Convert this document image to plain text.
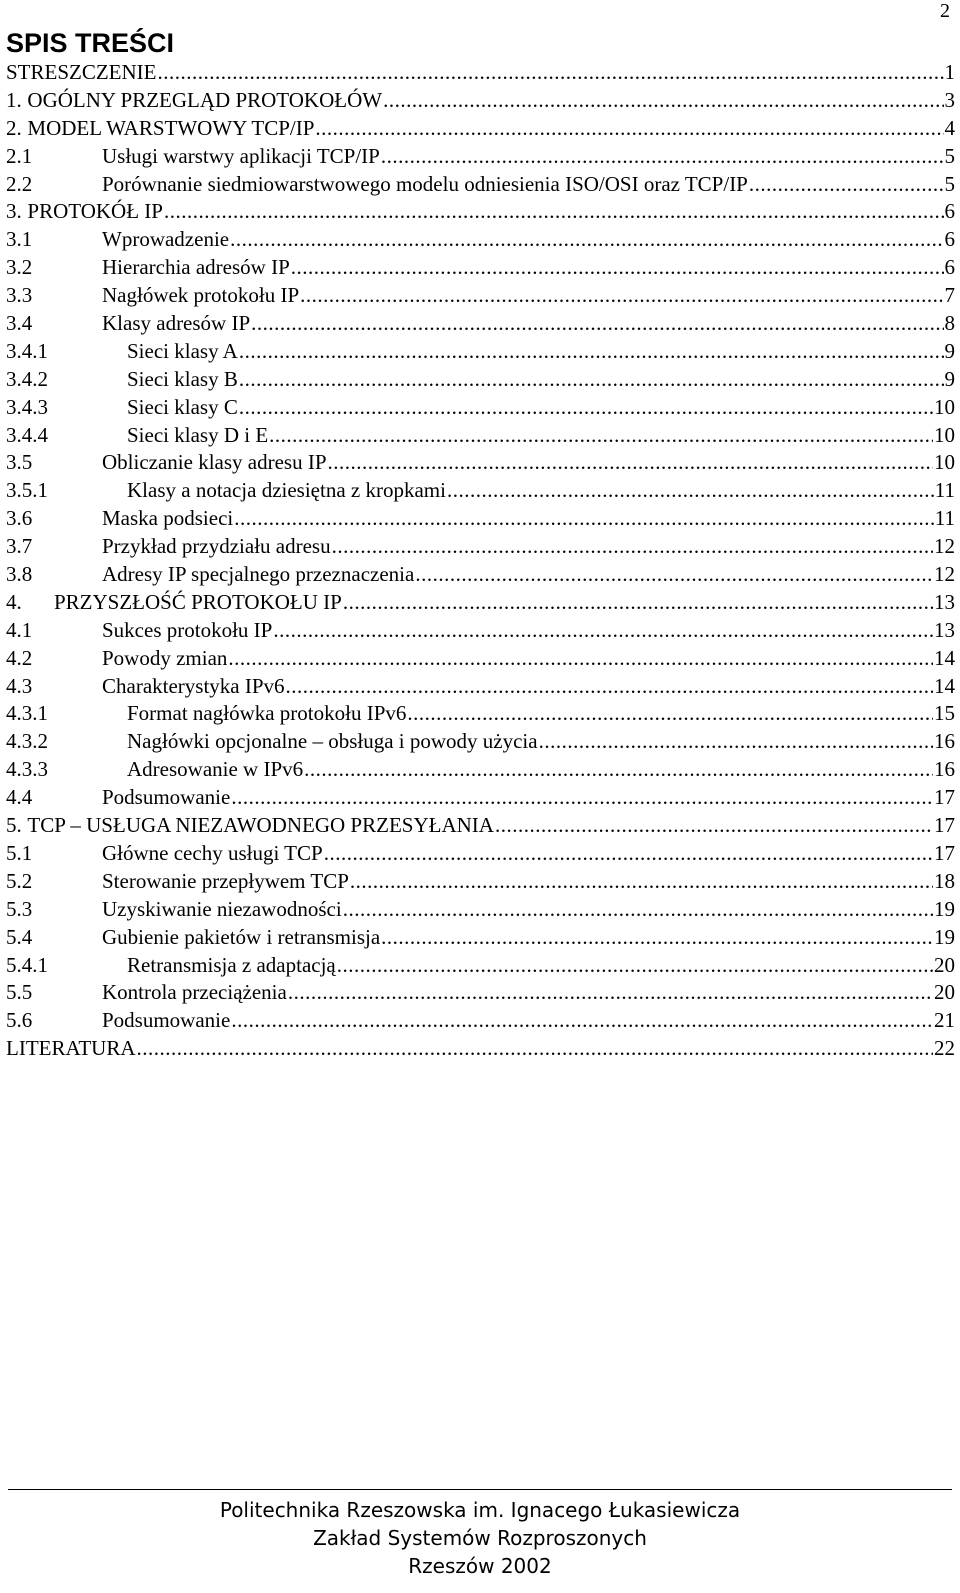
2
SPIS TREŚCI
STRESZCZENIE .....	1
1. OGÓLNY PRZEGLĄD PROTOKOŁÓW .....	3
2. MODEL WARSTWOWY TCP/IP .....	4
2.1	Usługi warstwy aplikacji TCP/IP .....	5
2.2	Porównanie siedmiowarstwowego modelu odniesienia ISO/OSI oraz TCP/IP .....	5
3. PROTOKÓŁ IP .....	6
3.1	Wprowadzenie .....	6
3.2	Hierarchia adresów IP .....	6
3.3	Nagłówek protokołu IP .....	7
3.4	Klasy adresów IP .....	8
3.4.1	Sieci klasy A .....	9
3.4.2	Sieci klasy B .....	9
3.4.3	Sieci klasy C .....	10
3.4.4	Sieci klasy D i E .....	10
3.5	Obliczanie klasy adresu IP .....	10
3.5.1	Klasy a notacja dziesiętna z kropkami .....	11
3.6	Maska podsieci .....	11
3.7	Przykład przydziału adresu .....	12
3.8	Adresy IP specjalnego przeznaczenia .....	12
4.	PRZYSZŁOŚĆ PROTOKOŁU IP .....	13
4.1	Sukces protokołu IP .....	13
4.2	Powody zmian .....	14
4.3	Charakterystyka IPv6 .....	14
4.3.1	Format nagłówka protokołu IPv6 .....	15
4.3.2	Nagłówki opcjonalne – obsługa i powody użycia .....	16
4.3.3	Adresowanie w IPv6 .....	16
4.4	Podsumowanie .....	17
5. TCP – USŁUGA NIEZAWODNEGO PRZESYŁANIA .....	17
5.1	Główne cechy usługi TCP .....	17
5.2	Sterowanie przepływem TCP .....	18
5.3	Uzyskiwanie niezawodności .....	19
5.4	Gubienie pakietów i retransmisja .....	19
5.4.1	Retransmisja z adaptacją .....	20
5.5	Kontrola przeciążenia .....	20
5.6	Podsumowanie .....	21
LITERATURA .....	22
Politechnika Rzeszowska im. Ignacego Łukasiewicza
Zakład Systemów Rozproszonych
Rzeszów 2002
